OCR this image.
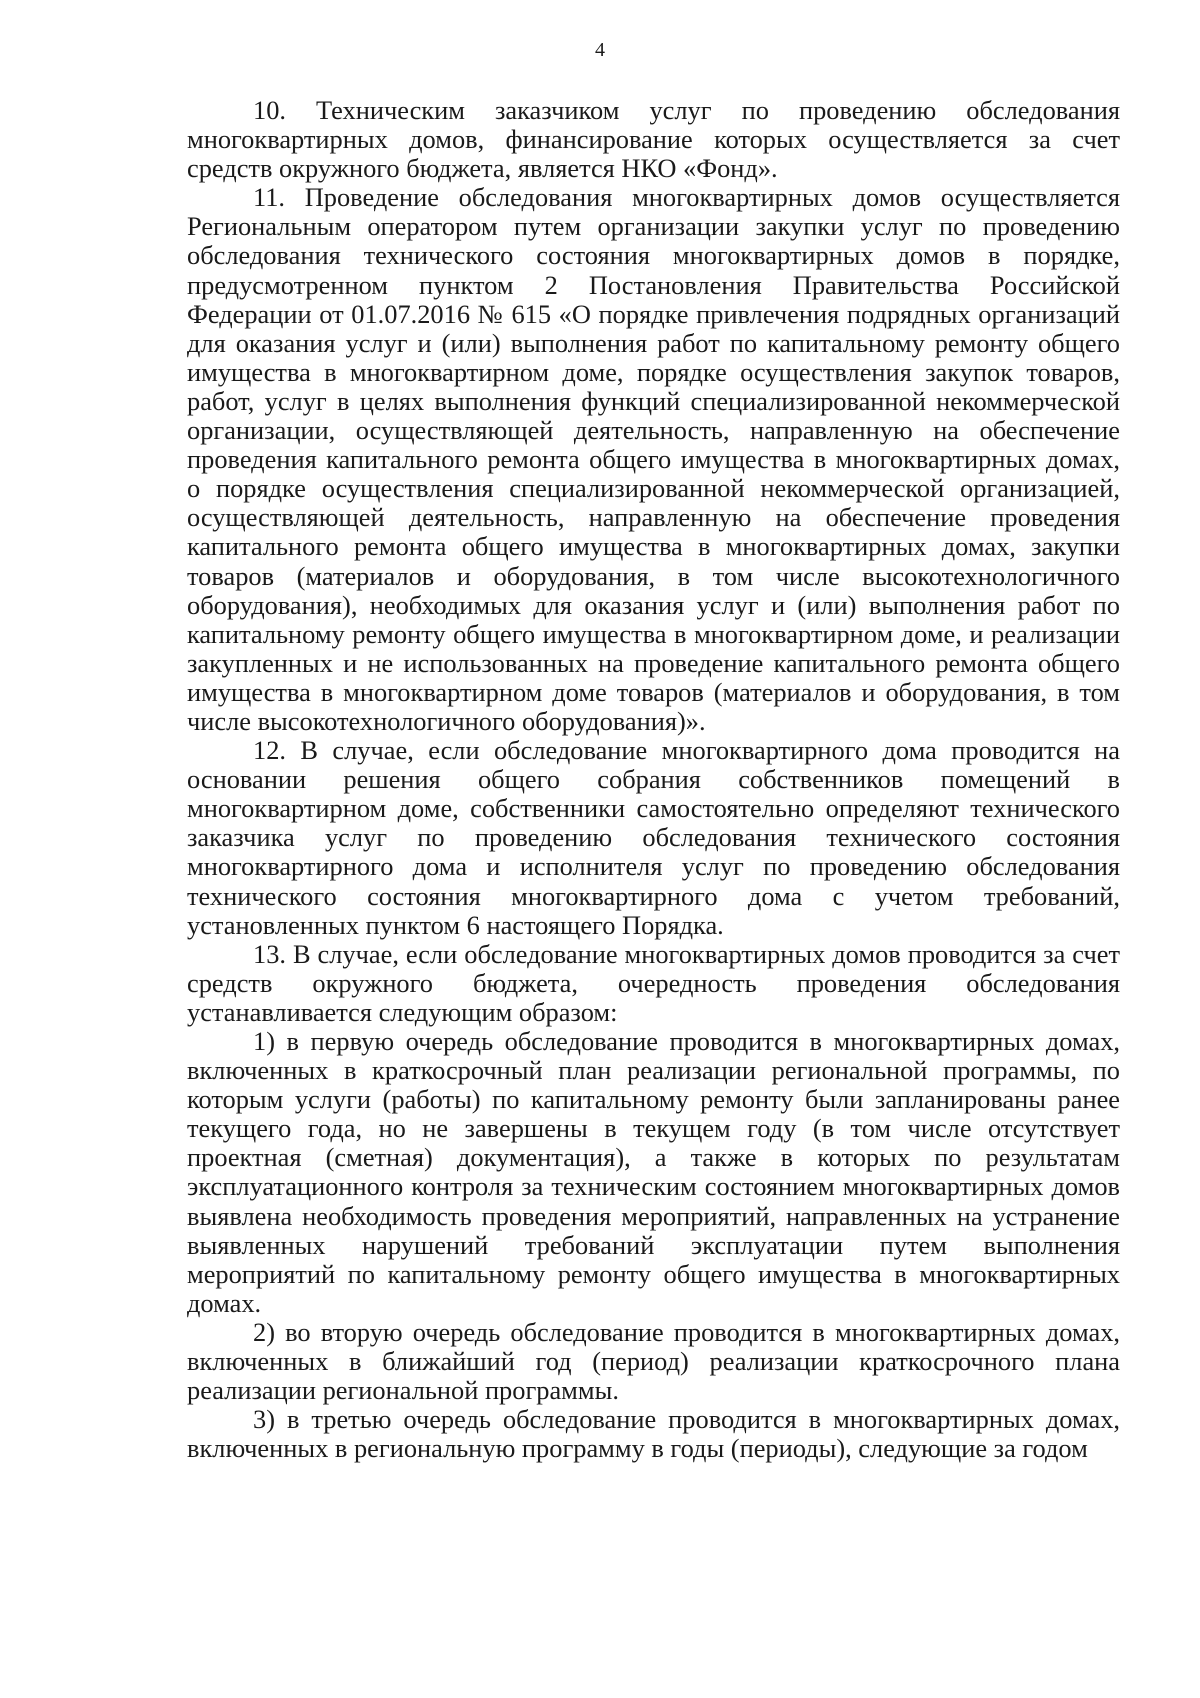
4

10. Техническим заказчиком услуг по проведению обследования многоквартирных домов, финансирование которых осуществляется за счет средств окружного бюджета, является НКО «Фонд».

11. Проведение обследования многоквартирных домов осуществляется Региональным оператором путем организации закупки услуг по проведению обследования технического состояния многоквартирных домов в порядке, предусмотренном пунктом 2 Постановления Правительства Российской Федерации от 01.07.2016 № 615 «О порядке привлечения подрядных организаций для оказания услуг и (или) выполнения работ по капитальному ремонту общего имущества в многоквартирном доме, порядке осуществления закупок товаров, работ, услуг в целях выполнения функций специализированной некоммерческой организации, осуществляющей деятельность, направленную на обеспечение проведения капитального ремонта общего имущества в многоквартирных домах, о порядке осуществления специализированной некоммерческой организацией, осуществляющей деятельность, направленную на обеспечение проведения капитального ремонта общего имущества в многоквартирных домах, закупки товаров (материалов и оборудования, в том числе высокотехнологичного оборудования), необходимых для оказания услуг и (или) выполнения работ по капитальному ремонту общего имущества в многоквартирном доме, и реализации закупленных и не использованных на проведение капитального ремонта общего имущества в многоквартирном доме товаров (материалов и оборудования, в том числе высокотехнологичного оборудования)».

12. В случае, если обследование многоквартирного дома проводится на основании решения общего собрания собственников помещений в многоквартирном доме, собственники самостоятельно определяют технического заказчика услуг по проведению обследования технического состояния многоквартирного дома и исполнителя услуг по проведению обследования технического состояния многоквартирного дома с учетом требований, установленных пунктом 6 настоящего Порядка.

13. В случае, если обследование многоквартирных домов проводится за счет средств окружного бюджета, очередность проведения обследования устанавливается следующим образом:

1) в первую очередь обследование проводится в многоквартирных домах, включенных в краткосрочный план реализации региональной программы, по которым услуги (работы) по капитальному ремонту были запланированы ранее текущего года, но не завершены в текущем году (в том числе отсутствует проектная (сметная) документация), а также в которых по результатам эксплуатационного контроля за техническим состоянием многоквартирных домов выявлена необходимость проведения мероприятий, направленных на устранение выявленных нарушений требований эксплуатации путем выполнения мероприятий по капитальному ремонту общего имущества в многоквартирных домах.

2) во вторую очередь обследование проводится в многоквартирных домах, включенных в ближайший год (период) реализации краткосрочного плана реализации региональной программы.

3) в третью очередь обследование проводится в многоквартирных домах, включенных в региональную программу в годы (периоды), следующие за годом
